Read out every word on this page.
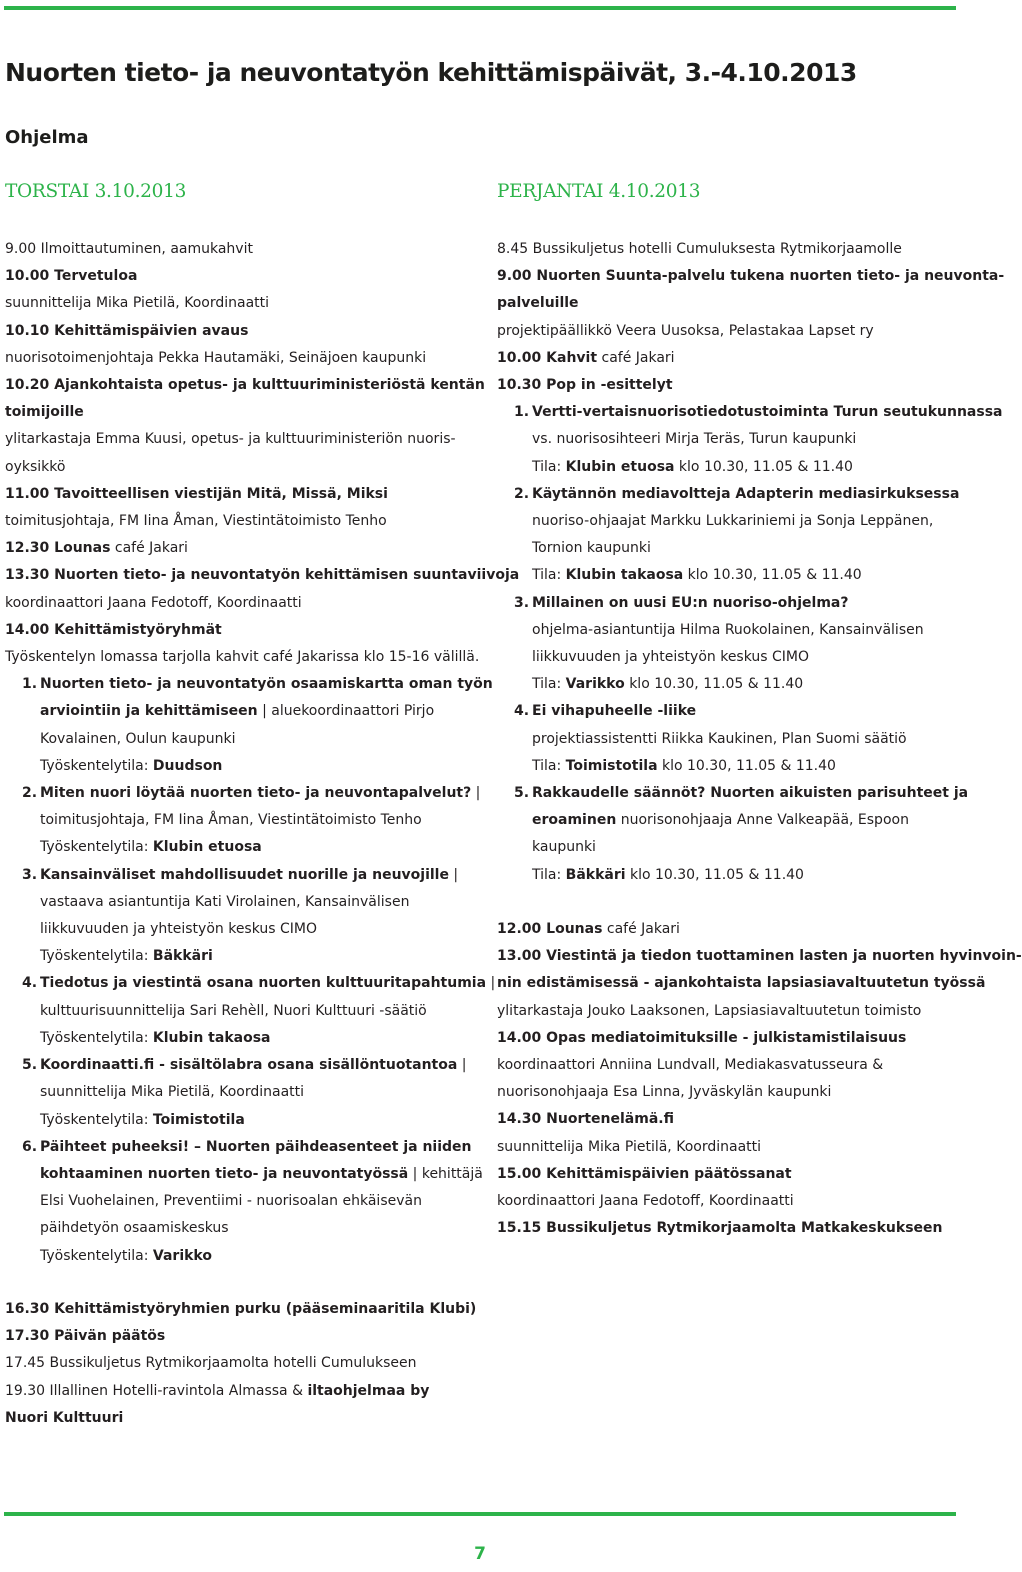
Nuorten tieto- ja neuvontatyön kehittämispäivät, 3.-4.10.2013
Ohjelma
TORSTAI 3.10.2013	PERJANTAI 4.10.2013

9.00 Ilmoittautuminen, aamukahvit

10.00 Tervetuloa

suunnittelija Mika Pietilä, Koordinaatti

10.10 Kehittämispäivien avaus

nuorisotoimenjohtaja Pekka Hautamäki, Seinäjoen kaupunki

10.20 Ajankohtaista opetus- ja kulttuuriministeriöstä kentän

toimijoille

ylitarkastaja Emma Kuusi, opetus- ja kulttuuriministeriön nuoris-

oyksikkö

11.00 Tavoitteellisen viestijän Mitä, Missä, Miksi

toimitusjohtaja, FM Iina Åman, Viestintätoimisto Tenho

12.30 Lounas café Jakari

13.30 Nuorten tieto- ja neuvontatyön kehittämisen suuntaviivoja

koordinaattori Jaana Fedotoff, Koordinaatti

14.00 Kehittämistyöryhmät

Työskentelyn lomassa tarjolla kahvit café Jakarissa klo 15-16 välillä.

1. Nuorten tieto- ja neuvontatyön osaamiskartta oman työn
arviointiin ja kehittämiseen | aluekoordinaattori Pirjo
Kovalainen, Oulun kaupunki
Työskentelytila: Duudson
2. Miten nuori löytää nuorten tieto- ja neuvontapalvelut? |
toimitusjohtaja, FM Iina Åman, Viestintätoimisto Tenho
Työskentelytila: Klubin etuosa
3. Kansainväliset mahdollisuudet nuorille ja neuvojille |
vastaava asiantuntija Kati Virolainen, Kansainvälisen
liikkuvuuden ja yhteistyön keskus CIMO
Työskentelytila: Bäkkäri
4. Tiedotus ja viestintä osana nuorten kulttuuritapahtumia |
kulttuurisuunnittelija Sari Rehèll, Nuori Kulttuuri -säätiö
Työskentelytila: Klubin takaosa
5. Koordinaatti.fi - sisältölabra osana sisällöntuotantoa |
suunnittelija Mika Pietilä, Koordinaatti
Työskentelytila: Toimistotila
6. Päihteet puheeksi! – Nuorten päihdeasenteet ja niiden
kohtaaminen nuorten tieto- ja neuvontatyössä | kehittäjä
Elsi Vuohelainen, Preventiimi - nuorisoalan ehkäisevän
päihdetyön osaamiskeskus
Työskentelytila: Varikko

16.30 Kehittämistyöryhmien purku (pääseminaaritila Klubi)

17.30 Päivän päätös

17.45 Bussikuljetus Rytmikorjaamolta hotelli Cumulukseen

19.30 Illallinen Hotelli-ravintola Almassa & iltaohjelmaa by

Nuori Kulttuuri

8.45 Bussikuljetus hotelli Cumuluksesta Rytmikorjaamolle

9.00 Nuorten Suunta-palvelu tukena nuorten tieto- ja neuvonta-

palveluille

projektipäällikkö Veera Uusoksa, Pelastakaa Lapset ry

10.00 Kahvit café Jakari

10.30 Pop in -esittelyt

1. Vertti-vertaisnuorisotiedotustoiminta Turun seutukunnassa
vs. nuorisosihteeri Mirja Teräs, Turun kaupunki
Tila: Klubin etuosa klo 10.30, 11.05 & 11.40
2. Käytännön mediavoltteja Adapterin mediasirkuksessa
nuoriso-ohjaajat Markku Lukkariniemi ja Sonja Leppänen,
Tornion kaupunki
Tila: Klubin takaosa klo 10.30, 11.05 & 11.40
3. Millainen on uusi EU:n nuoriso-ohjelma?
ohjelma-asiantuntija Hilma Ruokolainen, Kansainvälisen
liikkuvuuden ja yhteistyön keskus CIMO
Tila: Varikko klo 10.30, 11.05 & 11.40
4. Ei vihapuheelle -liike
projektiassistentti Riikka Kaukinen, Plan Suomi säätiö
Tila: Toimistotila klo 10.30, 11.05 & 11.40
5. Rakkaudelle säännöt? Nuorten aikuisten parisuhteet ja
eroaminen nuorisonohjaaja Anne Valkeapää, Espoon
kaupunki
Tila: Bäkkäri klo 10.30, 11.05 & 11.40

12.00 Lounas café Jakari

13.00 Viestintä ja tiedon tuottaminen lasten ja nuorten hyvinvoin-

nin edistämisessä - ajankohtaista lapsiasiavaltuutetun työssä

ylitarkastaja Jouko Laaksonen, Lapsiasiavaltuutetun toimisto

14.00 Opas mediatoimituksille - julkistamistilaisuus

koordinaattori Anniina Lundvall, Mediakasvatusseura &

nuorisonohjaaja Esa Linna, Jyväskylän kaupunki

14.30 Nuortenelämä.fi

suunnittelija Mika Pietilä, Koordinaatti

15.00 Kehittämispäivien päätössanat

koordinaattori Jaana Fedotoff, Koordinaatti

15.15 Bussikuljetus Rytmikorjaamolta Matkakeskukseen

7
